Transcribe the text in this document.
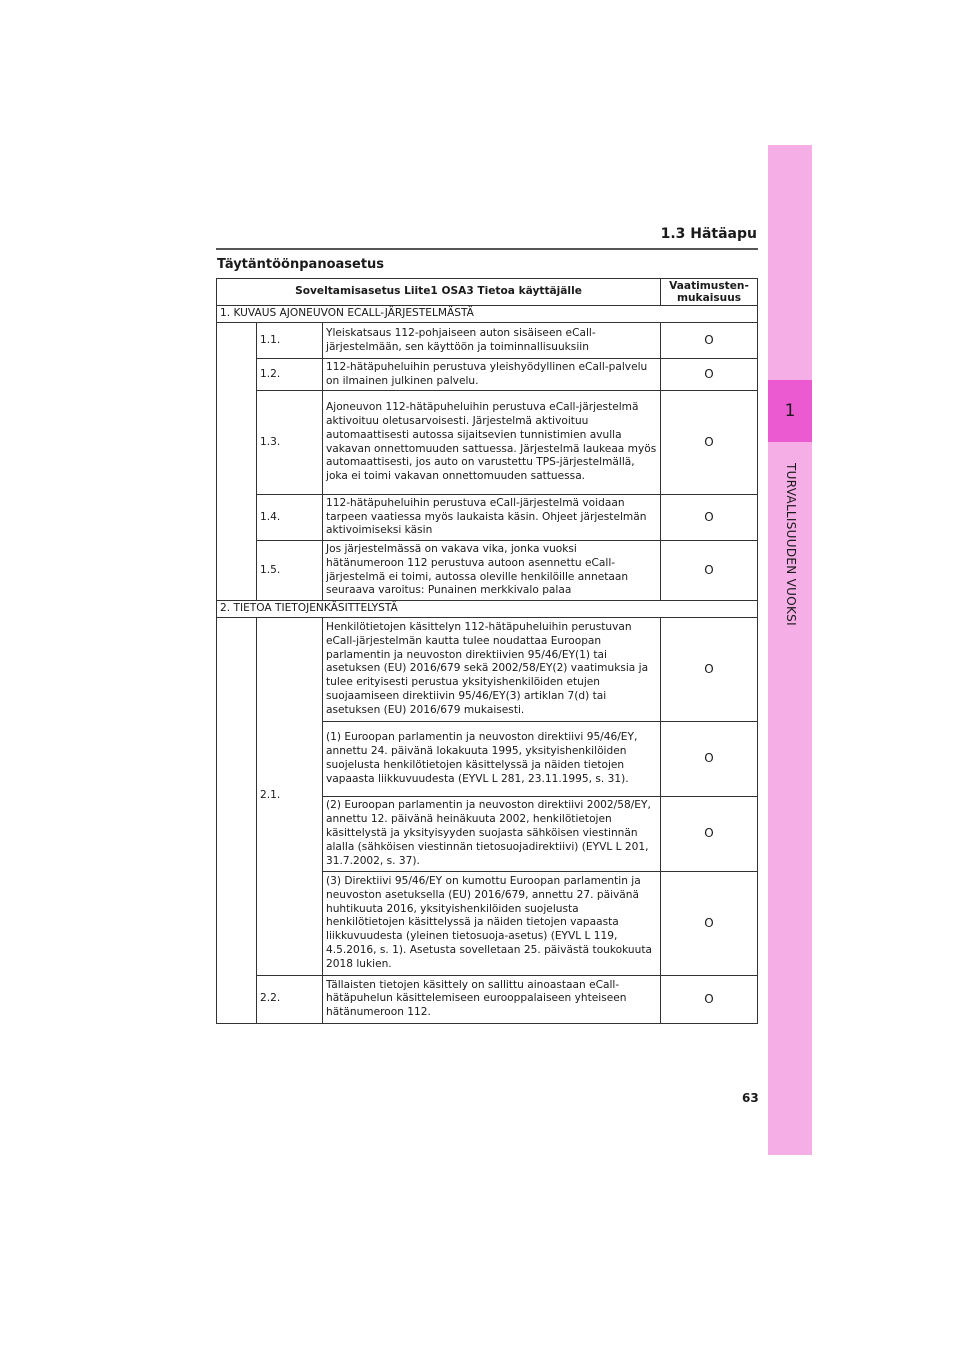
1
TURVALLISUUDEN VUOKSI
1.3 Hätäapu
Täytäntöönpanoasetus
Soveltamisasetus Liite1 OSA3 Tietoa käyttäjälle			Vaatimusten-
mukaisuus
1. KUVAUS AJONEUVON ECALL-JÄRJESTELMÄSTÄ			
	1.1.	Yleiskatsaus 112-pohjaiseen auton sisäiseen eCall-järjestelmään, sen käyttöön ja toiminnallisuuksiin	O
	1.2.	112-hätäpuheluihin perustuva yleishyödyllinen eCall-palvelu on ilmainen julkinen palvelu.	O
	1.3.	Ajoneuvon 112-hätäpuheluihin perustuva eCall-järjestelmä aktivoituu oletusarvoisesti. Järjestelmä aktivoituu automaattisesti autossa sijaitsevien tunnistimien avulla vakavan onnettomuuden sattuessa. Järjestelmä laukeaa myös automaattisesti, jos auto on varustettu TPS-järjestelmällä, joka ei toimi vakavan onnettomuuden sattuessa.	O
	1.4.	112-hätäpuheluihin perustuva eCall-järjestelmä voidaan tarpeen vaatiessa myös laukaista käsin. Ohjeet järjestelmän aktivoimiseksi käsin	O
	1.5.	Jos järjestelmässä on vakava vika, jonka vuoksi hätänumeroon 112 perustuva autoon asennettu eCall-järjestelmä ei toimi, autossa oleville henkilöille annetaan seuraava varoitus: Punainen merkkivalo palaa	O
2. TIETOA TIETOJENKÄSITTELYSTÄ			
	2.1.	Henkilötietojen käsittelyn 112-hätäpuheluihin perustuvan eCall-järjestelmän kautta tulee noudattaa Euroopan parlamentin ja neuvoston direktiivien 95/46/EY(1) tai asetuksen (EU) 2016/679 sekä 2002/58/EY(2) vaatimuksia ja tulee erityisesti perustua yksityishenkilöiden etujen suojaamiseen direktiivin 95/46/EY(3) artiklan 7(d) tai asetuksen (EU) 2016/679 mukaisesti.	O
		(1) Euroopan parlamentin ja neuvoston direktiivi 95/46/EY, annettu 24. päivänä lokakuuta 1995, yksityishenkilöiden suojelusta henkilötietojen käsittelyssä ja näiden tietojen vapaasta liikkuvuudesta (EYVL L 281, 23.11.1995, s. 31).	O
		(2) Euroopan parlamentin ja neuvoston direktiivi 2002/58/EY, annettu 12. päivänä heinäkuuta 2002, henkilötietojen käsittelystä ja yksityisyyden suojasta sähköisen viestinnän alalla (sähköisen viestinnän tietosuojadirektiivi) (EYVL L 201, 31.7.2002, s. 37).	O
		(3) Direktiivi 95/46/EY on kumottu Euroopan parlamentin ja neuvoston asetuksella (EU) 2016/679, annettu 27. päivänä huhtikuuta 2016, yksityishenkilöiden suojelusta henkilötietojen käsittelyssä ja näiden tietojen vapaasta liikkuvuudesta (yleinen tietosuoja-asetus) (EYVL L 119, 4.5.2016, s. 1). Asetusta sovelletaan 25. päivästä toukokuuta 2018 lukien.	O
	2.2.	Tällaisten tietojen käsittely on sallittu ainoastaan eCall-hätäpuhelun käsittelemiseen eurooppalaiseen yhteiseen hätänumeroon 112.	O
63
